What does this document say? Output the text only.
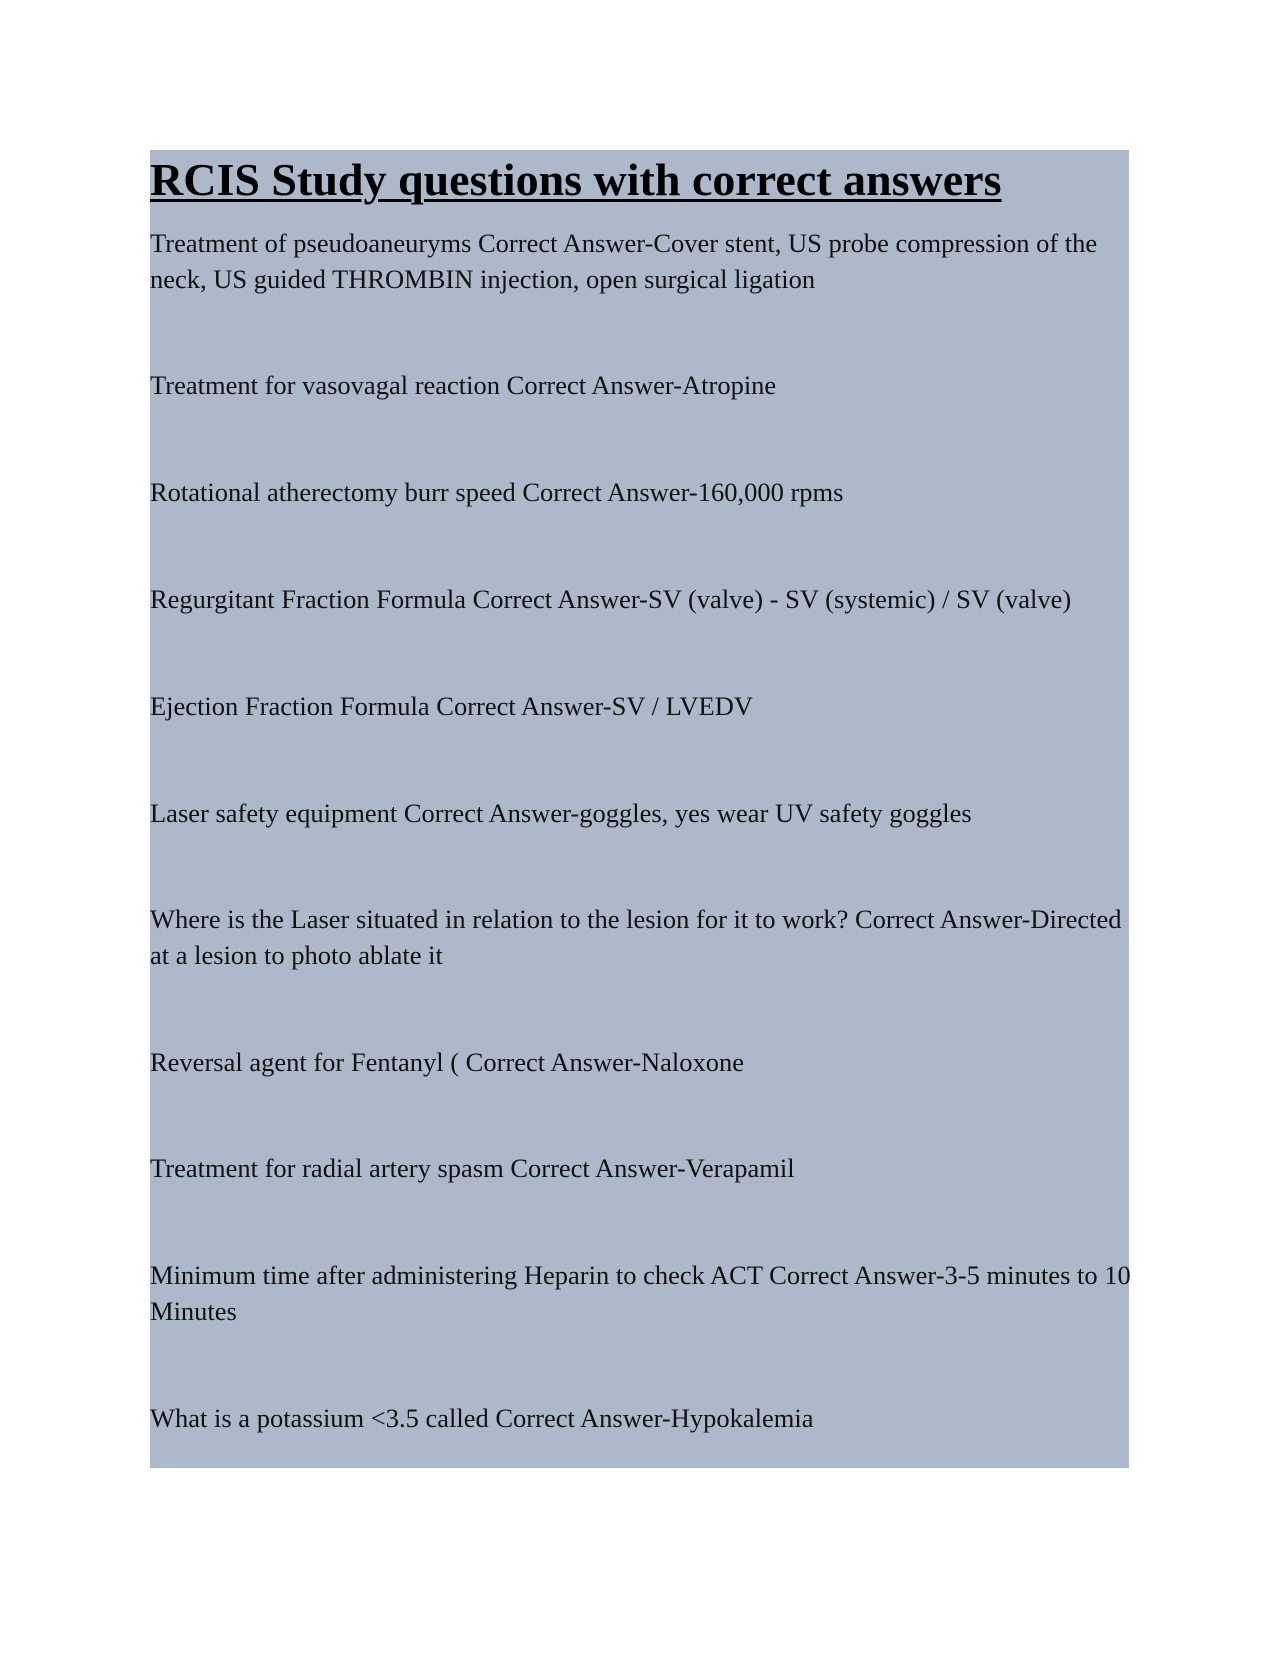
RCIS Study questions with correct answers
Treatment of pseudoaneuryms Correct Answer-Cover stent, US probe compression of the neck, US guided THROMBIN injection, open surgical ligation
Treatment for vasovagal reaction Correct Answer-Atropine
Rotational atherectomy burr speed Correct Answer-160,000 rpms
Regurgitant Fraction Formula Correct Answer-SV (valve) - SV (systemic) / SV (valve)
Ejection Fraction Formula Correct Answer-SV / LVEDV
Laser safety equipment Correct Answer-goggles, yes wear UV safety goggles
Where is the Laser situated in relation to the lesion for it to work? Correct Answer-Directed at a lesion to photo ablate it
Reversal agent for Fentanyl ( Correct Answer-Naloxone
Treatment for radial artery spasm Correct Answer-Verapamil
Minimum time after administering Heparin to check ACT Correct Answer-3-5 minutes to 10 Minutes
What is a potassium <3.5 called Correct Answer-Hypokalemia
